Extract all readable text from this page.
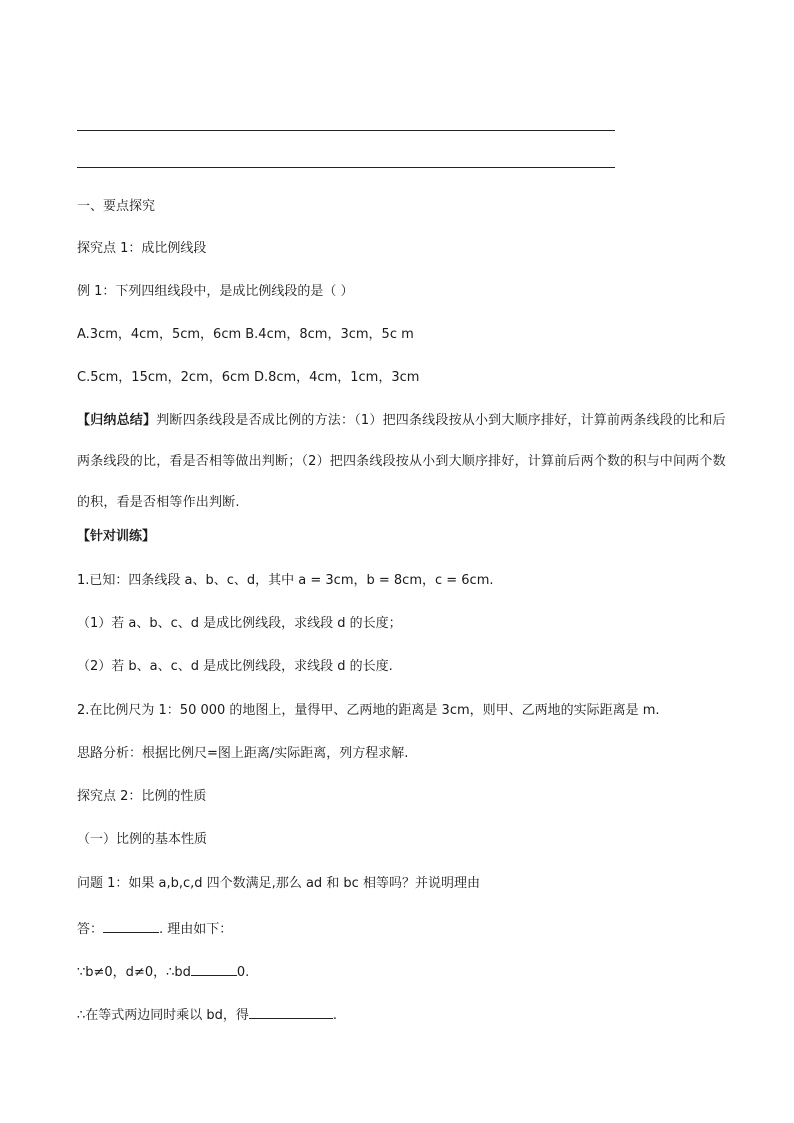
一、要点探究

探究点 1：成比例线段

例 1：下列四组线段中，是成比例线段的是（ ）

A.3cm，4cm，5cm，6cm B.4cm，8cm，3cm，5c m

C.5cm，15cm，2cm，6cm D.8cm，4cm，1cm，3cm

【归纳总结】判断四条线段是否成比例的方法：（1）把四条线段按从小到大顺序排好，计算前两条线段的比和后两条线段的比，看是否相等做出判断；（2）把四条线段按从小到大顺序排好，计算前后两个数的积与中间两个数的积，看是否相等作出判断.

【针对训练】

1.已知：四条线段 a、b、c、d，其中 a = 3cm，b = 8cm，c = 6cm.

（1）若 a、b、c、d 是成比例线段，求线段 d 的长度；

（2）若 b、a、c、d 是成比例线段，求线段 d 的长度.

2.在比例尺为 1：50 000 的地图上，量得甲、乙两地的距离是 3cm，则甲、乙两地的实际距离是 m.

思路分析：根据比例尺=图上距离/实际距离，列方程求解.

探究点 2：比例的性质

（一）比例的基本性质

问题 1：如果 a,b,c,d 四个数满足,那么 ad 和 bc 相等吗？并说明理由

答：	. 理由如下：

∵b≠0，d≠0，∴bd	0.

∴在等式两边同时乘以 bd，得	.
